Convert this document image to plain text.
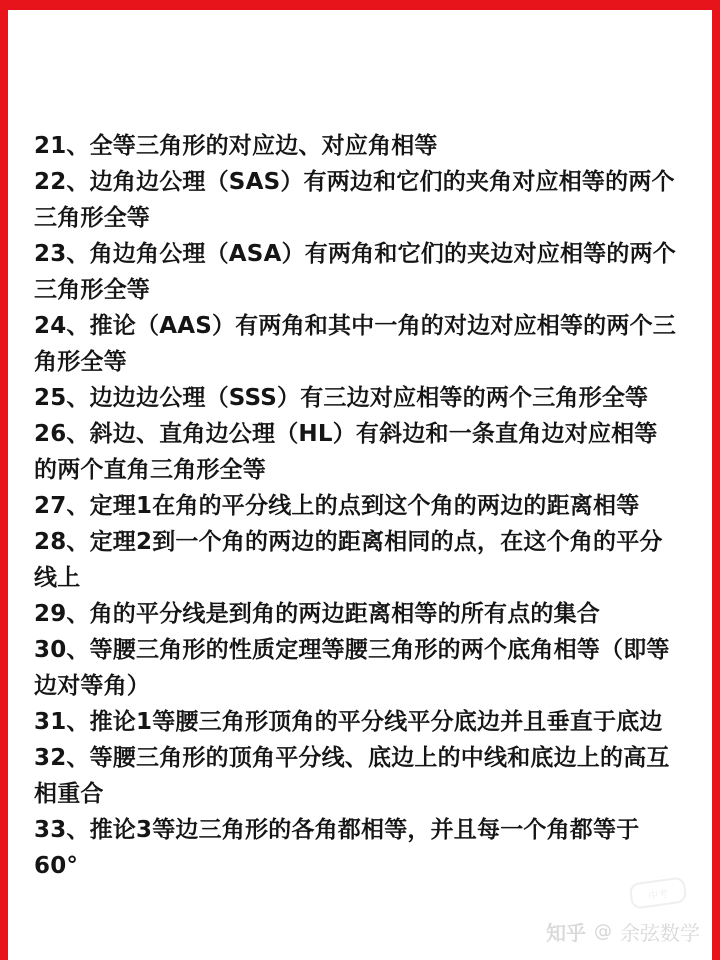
21、全等三角形的对应边、对应角相等
22、边角边公理（SAS）有两边和它们的夹角对应相等的两个
三角形全等
23、角边角公理（ASA）有两角和它们的夹边对应相等的两个
三角形全等
24、推论（AAS）有两角和其中一角的对边对应相等的两个三
角形全等
25、边边边公理（SSS）有三边对应相等的两个三角形全等
26、斜边、直角边公理（HL）有斜边和一条直角边对应相等
的两个直角三角形全等
27、定理1在角的平分线上的点到这个角的两边的距离相等
28、定理2到一个角的两边的距离相同的点，在这个角的平分
线上
29、角的平分线是到角的两边距离相等的所有点的集合
30、等腰三角形的性质定理等腰三角形的两个底角相等（即等
边对等角）
31、推论1等腰三角形顶角的平分线平分底边并且垂直于底边
32、等腰三角形的顶角平分线、底边上的中线和底边上的高互
相重合
33、推论3等边三角形的各角都相等，并且每一个角都等于
60°
中考
知乎 @ 余弦数学
